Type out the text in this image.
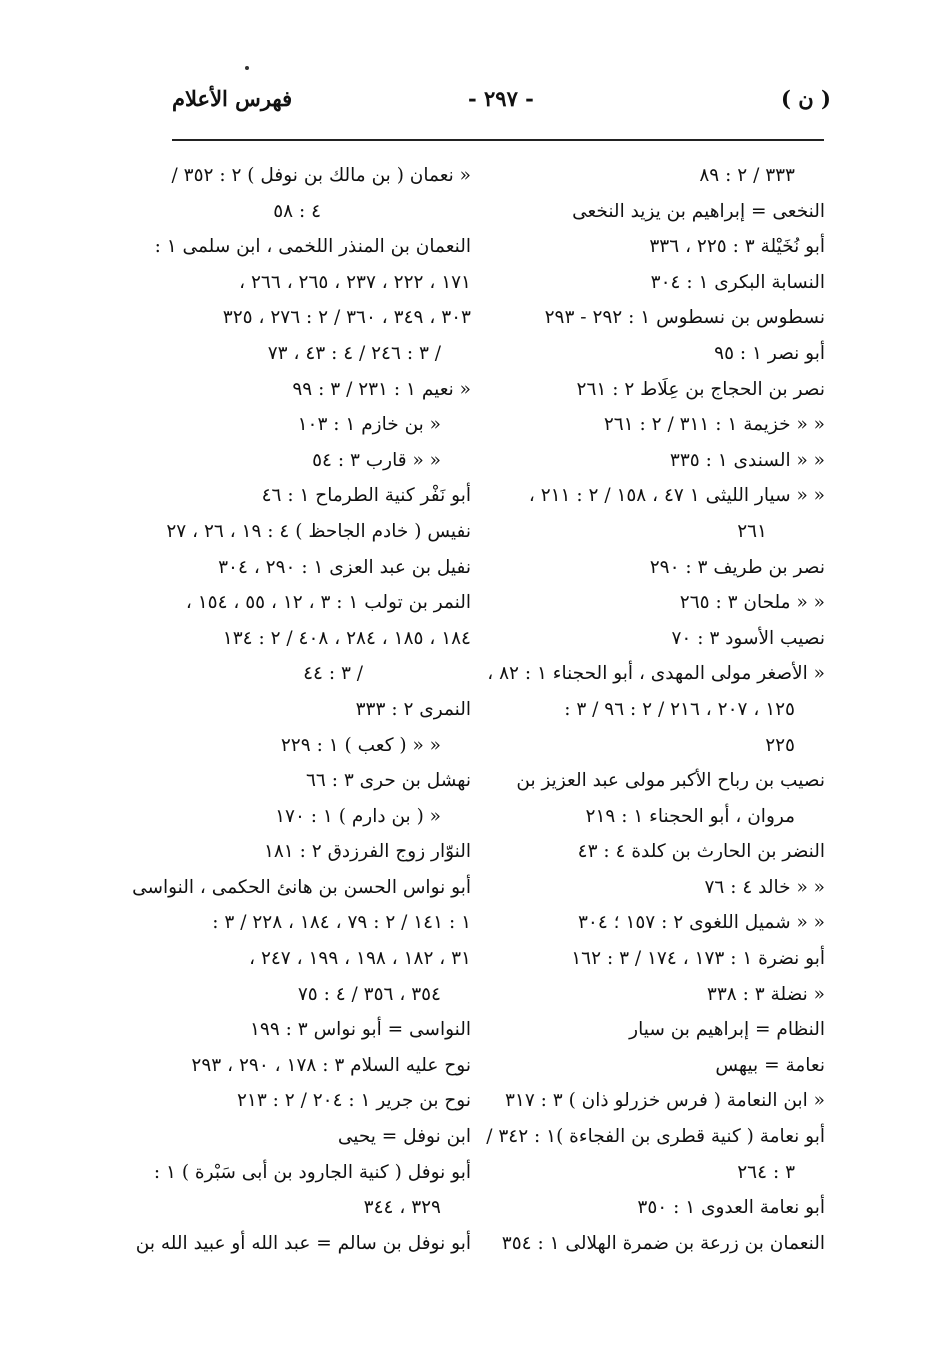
( ن )
- ٢٩٧ -
فهرس الأعلام
٣٣٣ / ٢ : ٨٩
النخعى = إبراهيم بن يزيد النخعى
أبو نُخَيْلة ٣ : ٢٢٥ ، ٣٣٦
النسابة البكرى ١ : ٣٠٤
نسطوس بن نسطوس ١ : ٢٩٢ - ٢٩٣
أبو نصر ١ : ٩٥
نصر بن الحجاج بن عِلَاط ٢ : ٢٦١
« « خزيمة ١ : ٣١١ / ٢ : ٢٦١
« « السندى ١ : ٣٣٥
« « سيار الليثى ١ ٤٧ ، ١٥٨ / ٢ : ٢١١ ،
٢٦١
نصر بن طريف ٣ : ٢٩٠
« « ملحان ٣ : ٢٦٥
نصيب الأسود ٣ : ٧٠
« الأصغر مولى المهدى ، أبو الحجناء ١ : ٨٢ ،
١٢٥ ، ٢٠٧ ، ٢١٦ / ٢ : ٩٦ / ٣ :
٢٢٥
نصيب بن رباح الأكبر مولى عبد العزيز بن
مروان ، أبو الحجناء ١ : ٢١٩
النضر بن الحارث بن كلدة ٤ : ٤٣
« « خالد ٤ : ٧٦
« « شميل اللغوى ٢ : ١٥٧ ؛ ٣٠٤
أبو نضرة ١ : ١٧٣ ، ١٧٤ / ٣ : ١٦٢
« نضلة ٣ : ٣٣٨
النظام = إبراهيم بن سيار
نعامة = بيهس
« ابن النعامة ( فرس خزرلو ذان ) ٣ : ٣١٧
أبو نعامة ( كنية قطرى بن الفجاءة )١ : ٣٤٢ /
٣ : ٢٦٤
أبو نعامة العدوى ١ : ٣٥٠
النعمان بن زرعة بن ضمرة الهلالى ١ : ٣٥٤
« نعمان ( بن مالك بن نوفل ) ٢ : ٣٥٢ /
٤ : ٥٨
النعمان بن المنذر اللخمى ، ابن سلمى ١ :
١٧١ ، ٢٢٢ ، ٢٣٧ ، ٢٦٥ ، ٢٦٦ ،
٣٠٣ ، ٣٤٩ ، ٣٦٠ / ٢ : ٢٧٦ ، ٣٢٥
/ ٣ : ٢٤٦ / ٤ : ٤٣ ، ٧٣
« نعيم ١ : ٢٣١ / ٣ : ٩٩
« بن خازم ١ : ١٠٣
« « قارب ٣ : ٥٤
أبو نَفْر كنية الطرماح ١ : ٤٦
نفيس ( خادم الجاحظ ) ٤ : ١٩ ، ٢٦ ، ٢٧
نفيل بن عبد العزى ١ : ٢٩٠ ، ٣٠٤
النمر بن تولب ١ : ٣ ، ١٢ ، ٥٥ ، ١٥٤ ،
١٨٤ ، ١٨٥ ، ٢٨٤ ، ٤٠٨ / ٢ : ١٣٤
/ ٣ : ٤٤
النمرى ٢ : ٣٣٣
« « ( كعب ) ١ : ٢٢٩
نهشل بن حرى ٣ : ٦٦
« ( بن دارم ) ١ : ١٧٠
النوّار زوج الفرزدق ٢ : ١٨١
أبو نواس الحسن بن هانئ الحكمى ، النواسى
١ : ١٤١ / ٢ : ٧٩ ، ١٨٤ ، ٢٢٨ / ٣ :
٣١ ، ١٨٢ ، ١٩٨ ، ١٩٩ ، ٢٤٧ ،
٣٥٤ ، ٣٥٦ / ٤ : ٧٥
النواسى = أبو نواس ٣ : ١٩٩
نوح عليه السلام ٣ : ١٧٨ ، ٢٩٠ ، ٢٩٣
نوح بن جرير ١ : ٢٠٤ / ٢ : ٢١٣
ابن نوفل = يحيى
أبو نوفل ( كنية الجارود بن أبى سَبْرة ) ١ :
٣٢٩ ، ٣٤٤
أبو نوفل بن سالم = عبد الله أو عبيد الله بن
